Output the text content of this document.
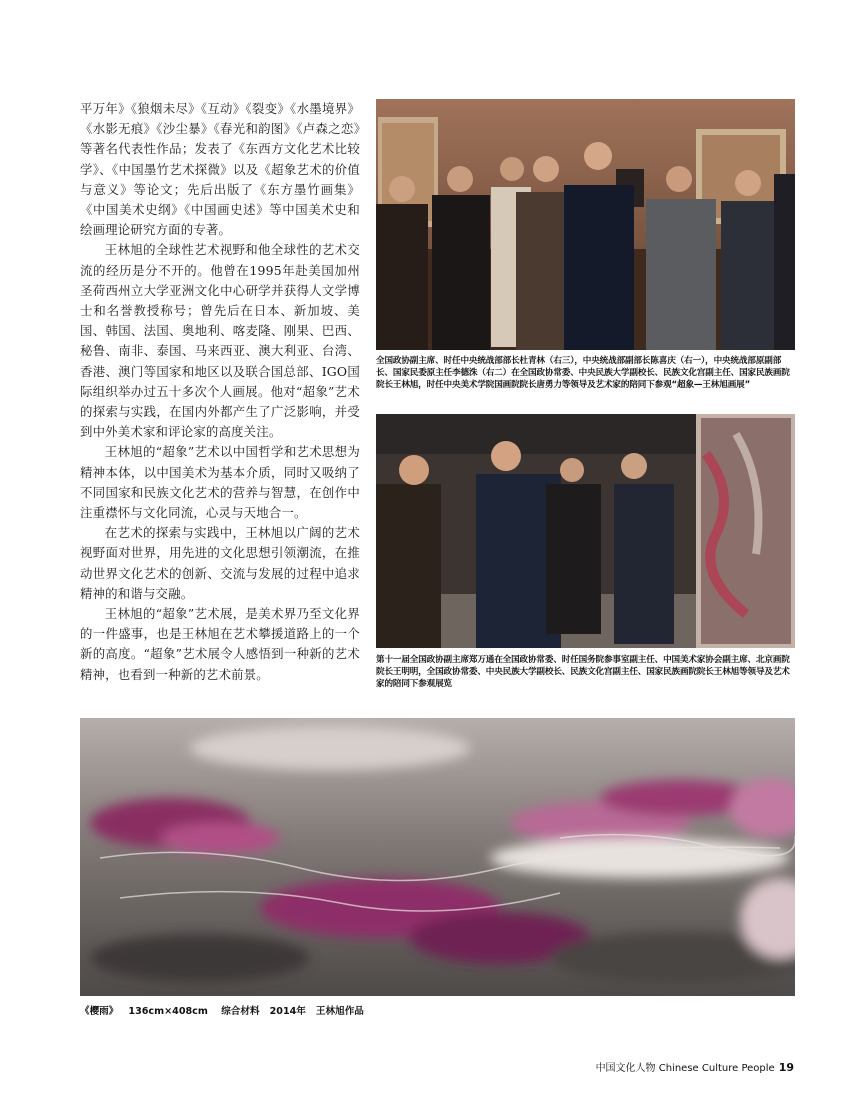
平万年》《狼烟未尽》《互动》《裂变》《水墨境界》《水影无痕》《沙尘暴》《春光和韵图》《卢森之恋》等著名代表性作品；发表了《东西方文化艺术比较学》、《中国墨竹艺术探微》以及《超象艺术的价值与意义》等论文；先后出版了《东方墨竹画集》《中国美术史纲》《中国画史述》等中国美术史和绘画理论研究方面的专著。

王林旭的全球性艺术视野和他全球性的艺术交流的经历是分不开的。他曾在1995年赴美国加州圣荷西州立大学亚洲文化中心研学并获得人文学博士和名誉教授称号；曾先后在日本、新加坡、美国、韩国、法国、奥地利、喀麦隆、刚果、巴西、秘鲁、南非、泰国、马来西亚、澳大利亚、台湾、香港、澳门等国家和地区以及联合国总部、IGO国际组织举办过五十多次个人画展。他对“超象”艺术的探索与实践，在国内外都产生了广泛影响，并受到中外美术家和评论家的高度关注。

王林旭的“超象”艺术以中国哲学和艺术思想为精神本体，以中国美术为基本介质，同时又吸纳了不同国家和民族文化艺术的营养与智慧，在创作中注重襟怀与文化同流，心灵与天地合一。

在艺术的探索与实践中，王林旭以广阔的艺术视野面对世界，用先进的文化思想引领潮流，在推动世界文化艺术的创新、交流与发展的过程中追求精神的和谐与交融。

王林旭的“超象”艺术展，是美术界乃至文化界的一件盛事，也是王林旭在艺术攀援道路上的一个新的高度。“超象”艺术展令人感悟到一种新的艺术精神，也看到一种新的艺术前景。

全国政协副主席、时任中央统战部部长杜青林（右三），中央统战部副部长陈喜庆（右一），中央统战部原副部长、国家民委原主任李德洙（右二）在全国政协常委、中央民族大学副校长、民族文化宫副主任、国家民族画院院长王林旭，时任中央美术学院国画院院长唐勇力等领导及艺术家的陪同下参观“超象—王林旭画展”
第十一届全国政协副主席郑万通在全国政协常委、时任国务院参事室副主任、中国美术家协会副主席、北京画院院长王明明，全国政协常委、中央民族大学副校长、民族文化宫副主任、国家民族画院院长王林旭等领导及艺术家的陪同下参观展览
《樱雨》   136cm×408cm    综合材料   2014年   王林旭作品
中国文化人物 Chinese Culture People 19
